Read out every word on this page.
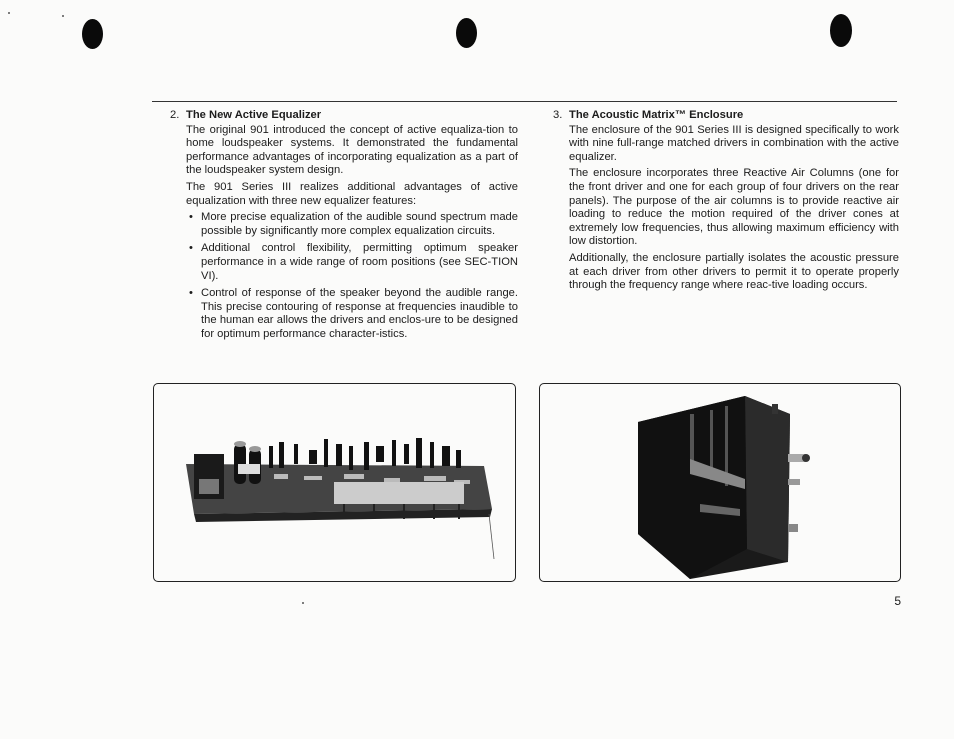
2. The New Active Equalizer

The original 901 introduced the concept of active equaliza-tion to home loudspeaker systems. It demonstrated the fundamental performance advantages of incorporating equalization as a part of the loudspeaker system design.

The 901 Series III realizes additional advantages of active equalization with three new equalizer features:

• More precise equalization of the audible sound spectrum made possible by significantly more complex equalization circuits.
• Additional control flexibility, permitting optimum speaker performance in a wide range of room positions (see SEC-TION VI).
• Control of response of the speaker beyond the audible range. This precise contouring of response at frequencies inaudible to the human ear allows the drivers and enclos-ure to be designed for optimum performance character-istics.
3. The Acoustic Matrix™ Enclosure

The enclosure of the 901 Series III is designed specifically to work with nine full-range matched drivers in combination with the active equalizer.

The enclosure incorporates three Reactive Air Columns (one for the front driver and one for each group of four drivers on the rear panels). The purpose of the air columns is to provide reactive air loading to reduce the motion required of the driver cones at extremely low frequencies, thus allowing maximum efficiency with low distortion.

Additionally, the enclosure partially isolates the acoustic pressure at each driver from other drivers to permit it to operate properly through the frequency range where reac-tive loading occurs.

5
